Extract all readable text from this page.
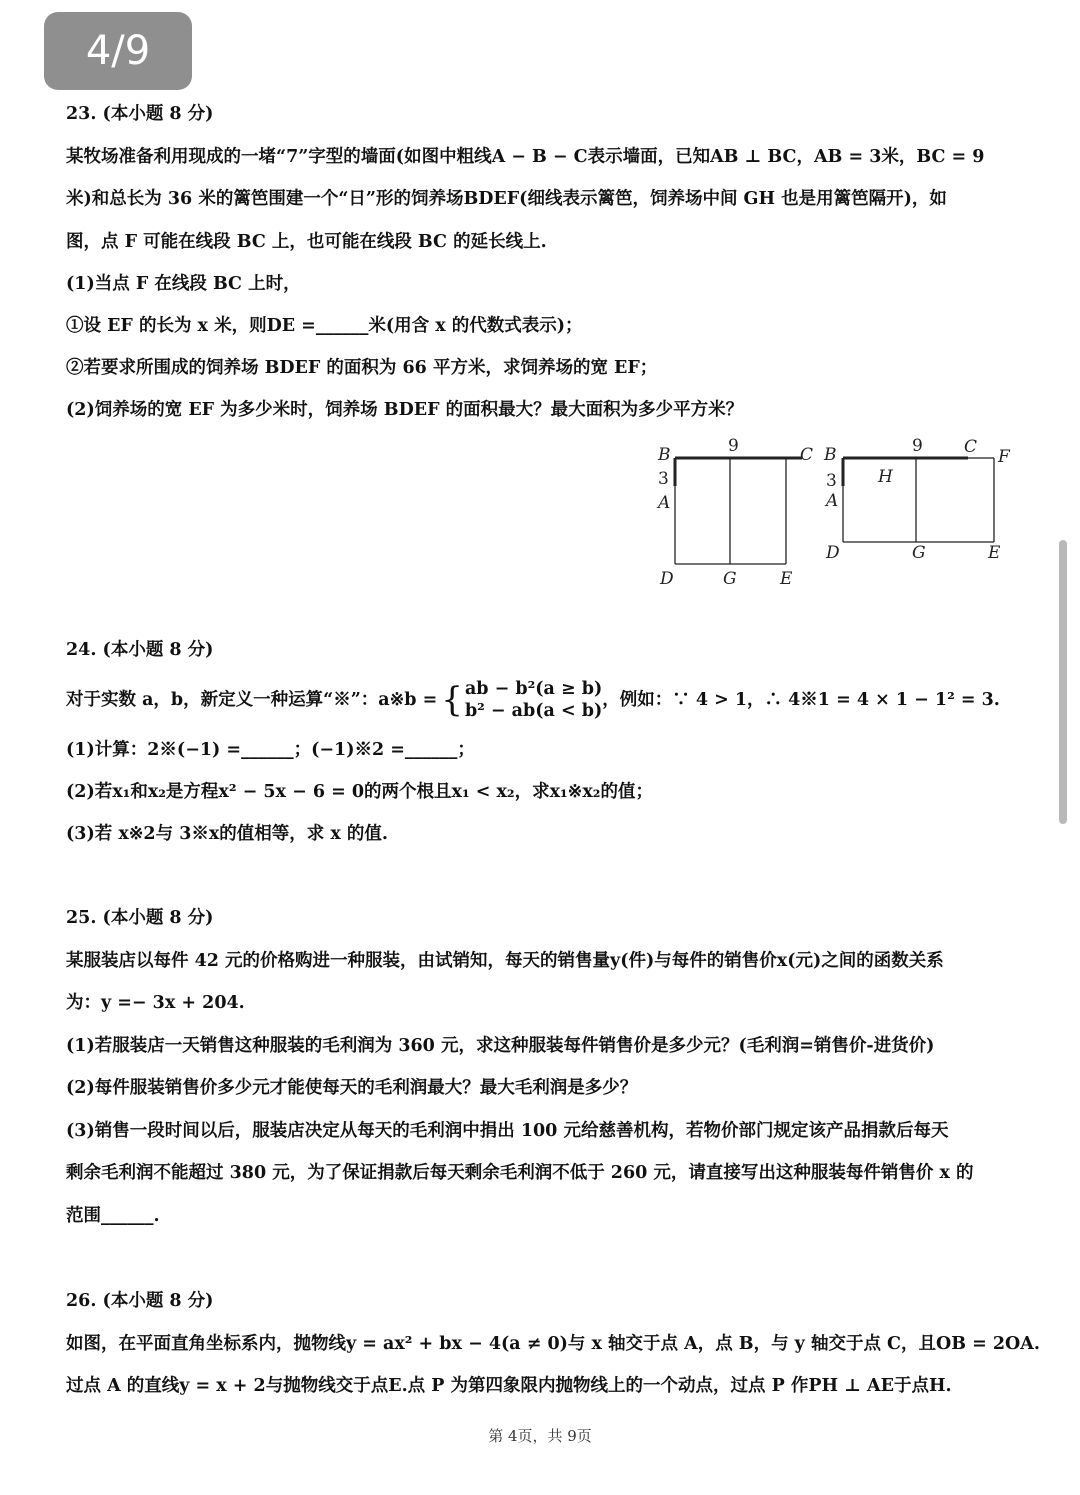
4/9
23. (本小题 8 分)
某牧场准备利用现成的一堵“7”字型的墙面(如图中粗线A − B − C表示墙面，已知AB ⊥ BC，AB = 3米，BC = 9
米)和总长为 36 米的篱笆围建一个“日”形的饲养场BDEF(细线表示篱笆，饲养场中间 GH 也是用篱笆隔开)，如
图，点 F 可能在线段 BC 上，也可能在线段 BC 的延长线上.
(1)当点 F 在线段 BC 上时，
①设 EF 的长为 x 米，则DE =______米(用含 x 的代数式表示)；
②若要求所围成的饲养场 BDEF 的面积为 66 平方米，求饲养场的宽 EF；
(2)饲养场的宽 EF 为多少米时，饲养场 BDEF 的面积最大？最大面积为多少平方米？
B	9	C
3
A
D	G	E
B	9 C F
3 H
A
D	G	E
24. (本小题 8 分)
对于实数 a，b，新定义一种运算“※”：a※b = { ab − b²(a ≥ b)
b² − ab(a < b)
，例如：∵ 4 > 1，∴ 4※1 = 4 × 1 − 1² = 3.
(1)计算：2※(−1) =______；(−1)※2 =______；
(2)若x₁和x₂是方程x² − 5x − 6 = 0的两个根且x₁ < x₂，求x₁※x₂的值；
(3)若 x※2与 3※x的值相等，求 x 的值.
25. (本小题 8 分)
某服装店以每件 42 元的价格购进一种服装，由试销知，每天的销售量y(件)与每件的销售价x(元)之间的函数关系
为：y =− 3x + 204.
(1)若服装店一天销售这种服装的毛利润为 360 元，求这种服装每件销售价是多少元？(毛利润=销售价-进货价)
(2)每件服装销售价多少元才能使每天的毛利润最大？最大毛利润是多少？
(3)销售一段时间以后，服装店决定从每天的毛利润中捐出 100 元给慈善机构，若物价部门规定该产品捐款后每天
剩余毛利润不能超过 380 元，为了保证捐款后每天剩余毛利润不低于 260 元，请直接写出这种服装每件销售价 x 的
范围______.
26. (本小题 8 分)
如图，在平面直角坐标系内，抛物线y = ax² + bx − 4(a ≠ 0)与 x 轴交于点 A，点 B，与 y 轴交于点 C，且OB = 2OA.
过点 A 的直线y = x + 2与抛物线交于点E.点 P 为第四象限内抛物线上的一个动点，过点 P 作PH ⊥ AE于点H.
第 4页，共 9页
